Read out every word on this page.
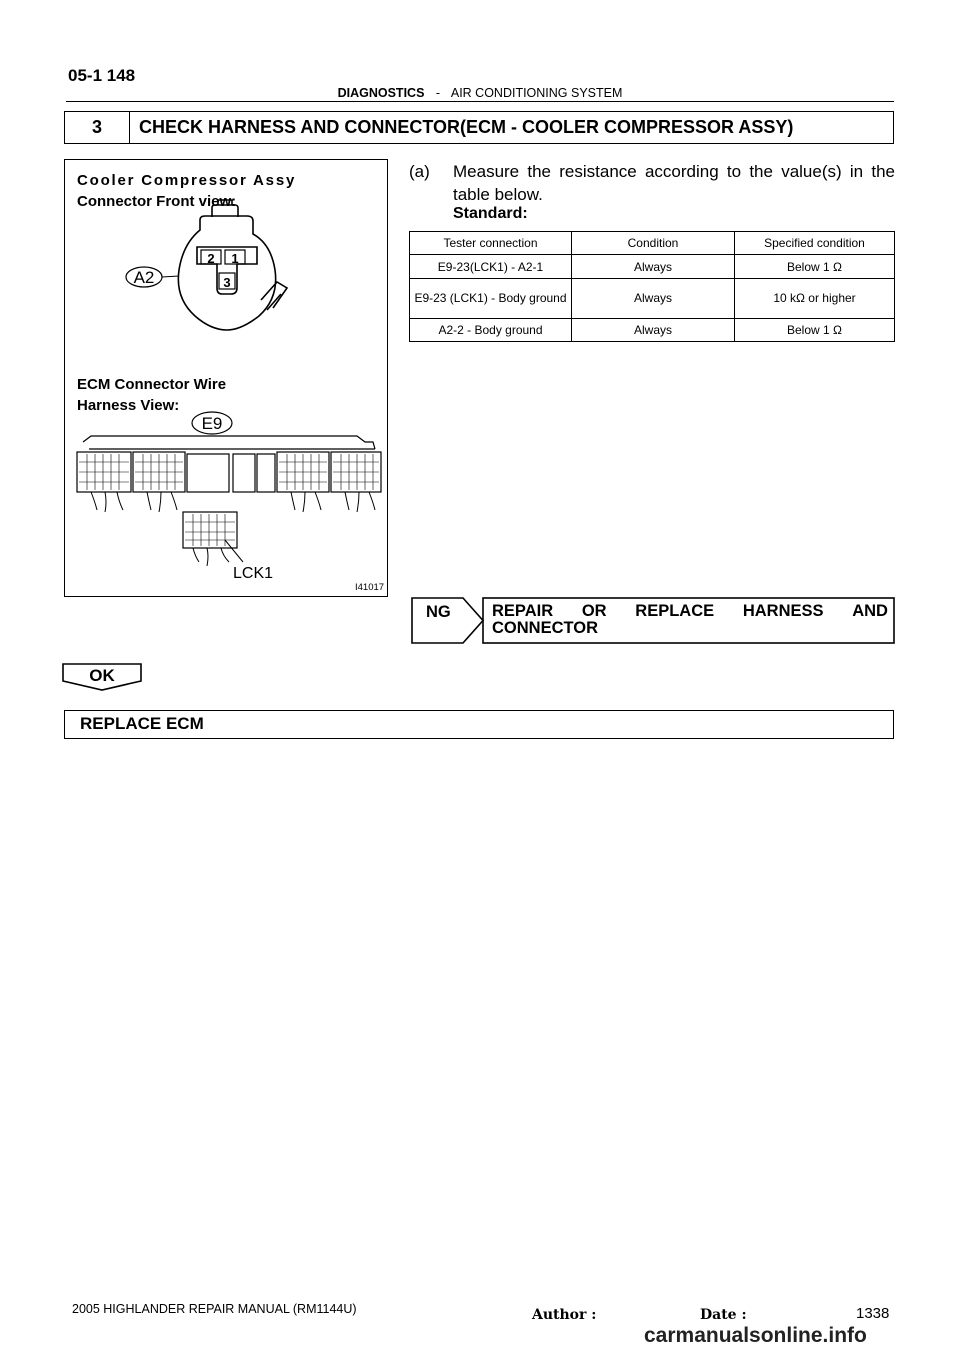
05-1 148
DIAGNOSTICS - AIR CONDITIONING SYSTEM
3	CHECK HARNESS AND CONNECTOR(ECM - COOLER COMPRESSOR ASSY)
Cooler Compressor Assy
Connector Front view:
A2
2 1
3
E9
LCK1
ECM Connector Wire
Harness View:
I41017
(a) Measure the resistance according to the value(s) in the table below.
Standard:
Tester connection	Condition	Specified condition
E9-23(LCK1) - A2-1	Always	Below 1 Ω
E9-23 (LCK1) - Body ground	Always	10 kΩ or higher
A2-2 - Body ground	Always	Below 1 Ω
NG	REPAIR OR REPLACE HARNESS AND
CONNECTOR
OK
REPLACE ECM
2005 HIGHLANDER REPAIR MANUAL (RM1144U)	Author :	Date :	1338
carmanualsonline.info
